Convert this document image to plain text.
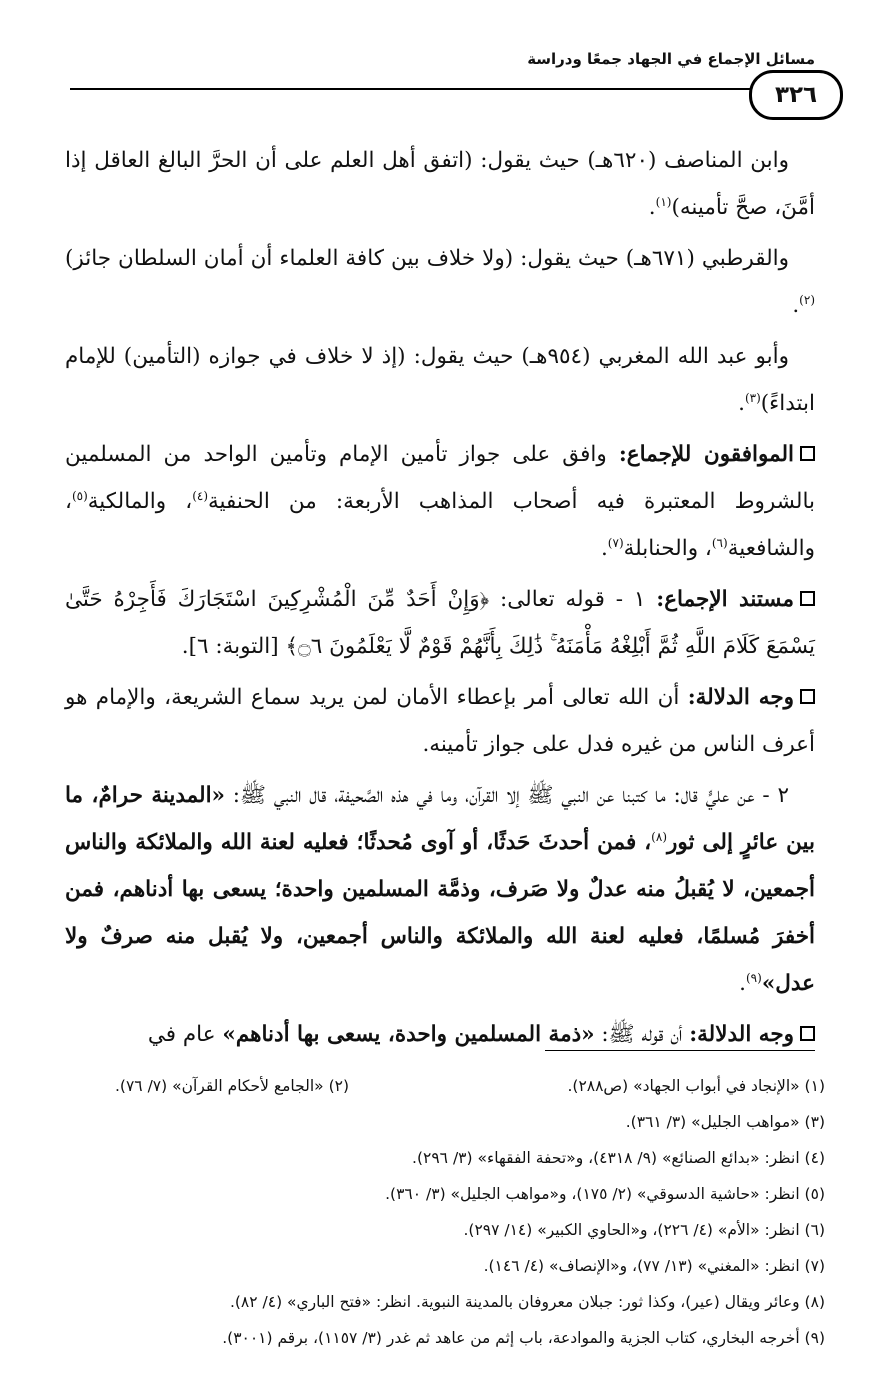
مسائل الإجماع في الجهاد جمعًا ودراسة
٣٢٦

وابن المناصف (٦٢٠هـ) حيث يقول: (اتفق أهل العلم على أن الحرَّ البالغ العاقل إذا أمَّنَ، صحَّ تأمينه)$^{(١)}$.

والقرطبي (٦٧١هـ) حيث يقول: (ولا خلاف بين كافة العلماء أن أمان السلطان جائز)$^{(٢)}$.

وأبو عبد الله المغربي (٩٥٤هـ) حيث يقول: (إذ لا خلاف في جوازه (التأمين) للإمام ابتداءً)$^{(٣)}$.

الموافقون للإجماع: وافق على جواز تأمين الإمام وتأمين الواحد من المسلمين بالشروط المعتبرة فيه أصحاب المذاهب الأربعة: من الحنفية$^{(٤)}$، والمالكية$^{(٥)}$، والشافعية$^{(٦)}$، والحنابلة$^{(٧)}$.

مستند الإجماع: ١ - قوله تعالى: ﴿وَإِنْ أَحَدٌ مِّنَ الْمُشْرِكِينَ اسْتَجَارَكَ فَأَجِرْهُ حَتَّىٰ يَسْمَعَ كَلَامَ اللَّهِ ثُمَّ أَبْلِغْهُ مَأْمَنَهُ ۚ ذَٰلِكَ بِأَنَّهُمْ قَوْمٌ لَّا يَعْلَمُونَ ۝٦﴾ [التوبة: ٦].

وجه الدلالة: أن الله تعالى أمر بإعطاء الأمان لمن يريد سماع الشريعة، والإمام هو أعرف الناس من غيره فدل على جواز تأمينه.

٢ - عن عليٍّ قال: ما كتبنا عن النبي ﷺ إلا القرآن، وما في هذه الصَّحيفة، قال النبي ﷺ: «المدينة حرامٌ، ما بين عائرٍ إلى ثور$^{(٨)}$، فمن أحدثَ حَدثًا، أو آوى مُحدثًا؛ فعليه لعنة الله والملائكة والناس أجمعين، لا يُقبلُ منه عدلٌ ولا صَرف، وذمَّة المسلمين واحدة؛ يسعى بها أدناهم، فمن أخفرَ مُسلمًا، فعليه لعنة الله والملائكة والناس أجمعين، ولا يُقبل منه صرفٌ ولا عدل»$^{(٩)}$.

وجه الدلالة: أن قوله ﷺ: «ذمة المسلمين واحدة، يسعى بها أدناهم» عام في

(١) «الإنجاد في أبواب الجهاد» (ص٢٨٨).
(٢) «الجامع لأحكام القرآن» (٧/ ٧٦).
(٣) «مواهب الجليل» (٣/ ٣٦١).
(٤) انظر: «بدائع الصنائع» (٩/ ٤٣١٨)، و«تحفة الفقهاء» (٣/ ٢٩٦).
(٥) انظر: «حاشية الدسوقي» (٢/ ١٧٥)، و«مواهب الجليل» (٣/ ٣٦٠).
(٦) انظر: «الأم» (٤/ ٢٢٦)، و«الحاوي الكبير» (١٤/ ٢٩٧).
(٧) انظر: «المغني» (١٣/ ٧٧)، و«الإنصاف» (٤/ ١٤٦).
(٨) وعائر ويقال (عير)، وكذا ثور: جبلان معروفان بالمدينة النبوية. انظر: «فتح الباري» (٤/ ٨٢).
(٩) أخرجه البخاري، كتاب الجزية والموادعة، باب إثم من عاهد ثم غدر (٣/ ١١٥٧)، برقم (٣٠٠١).
